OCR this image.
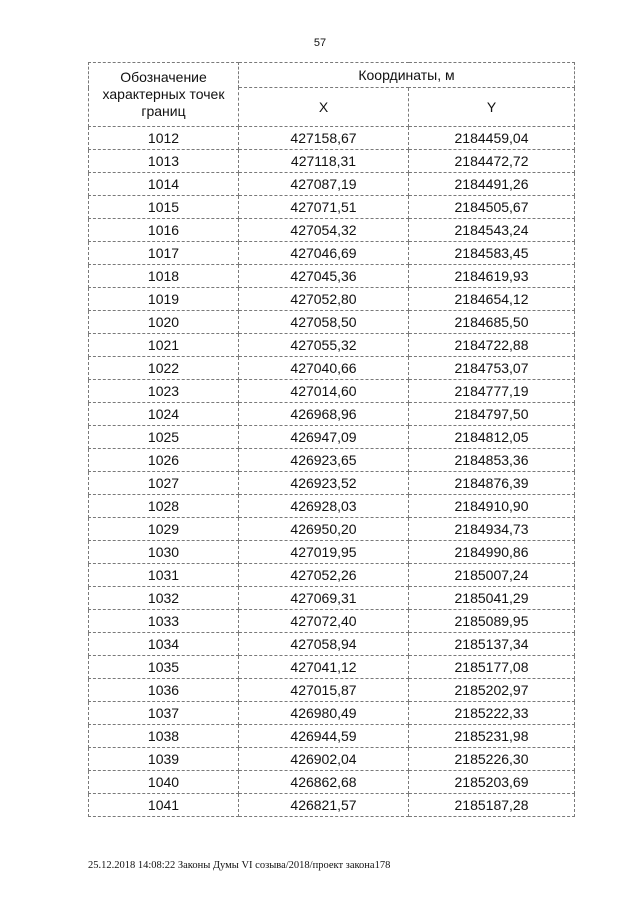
57
Обозначение характерных точек границ	Координаты, м	
	X	Y
1012	427158,67	2184459,04
1013	427118,31	2184472,72
1014	427087,19	2184491,26
1015	427071,51	2184505,67
1016	427054,32	2184543,24
1017	427046,69	2184583,45
1018	427045,36	2184619,93
1019	427052,80	2184654,12
1020	427058,50	2184685,50
1021	427055,32	2184722,88
1022	427040,66	2184753,07
1023	427014,60	2184777,19
1024	426968,96	2184797,50
1025	426947,09	2184812,05
1026	426923,65	2184853,36
1027	426923,52	2184876,39
1028	426928,03	2184910,90
1029	426950,20	2184934,73
1030	427019,95	2184990,86
1031	427052,26	2185007,24
1032	427069,31	2185041,29
1033	427072,40	2185089,95
1034	427058,94	2185137,34
1035	427041,12	2185177,08
1036	427015,87	2185202,97
1037	426980,49	2185222,33
1038	426944,59	2185231,98
1039	426902,04	2185226,30
1040	426862,68	2185203,69
1041	426821,57	2185187,28
25.12.2018 14:08:22 Законы Думы VI созыва/2018/проект закона178
